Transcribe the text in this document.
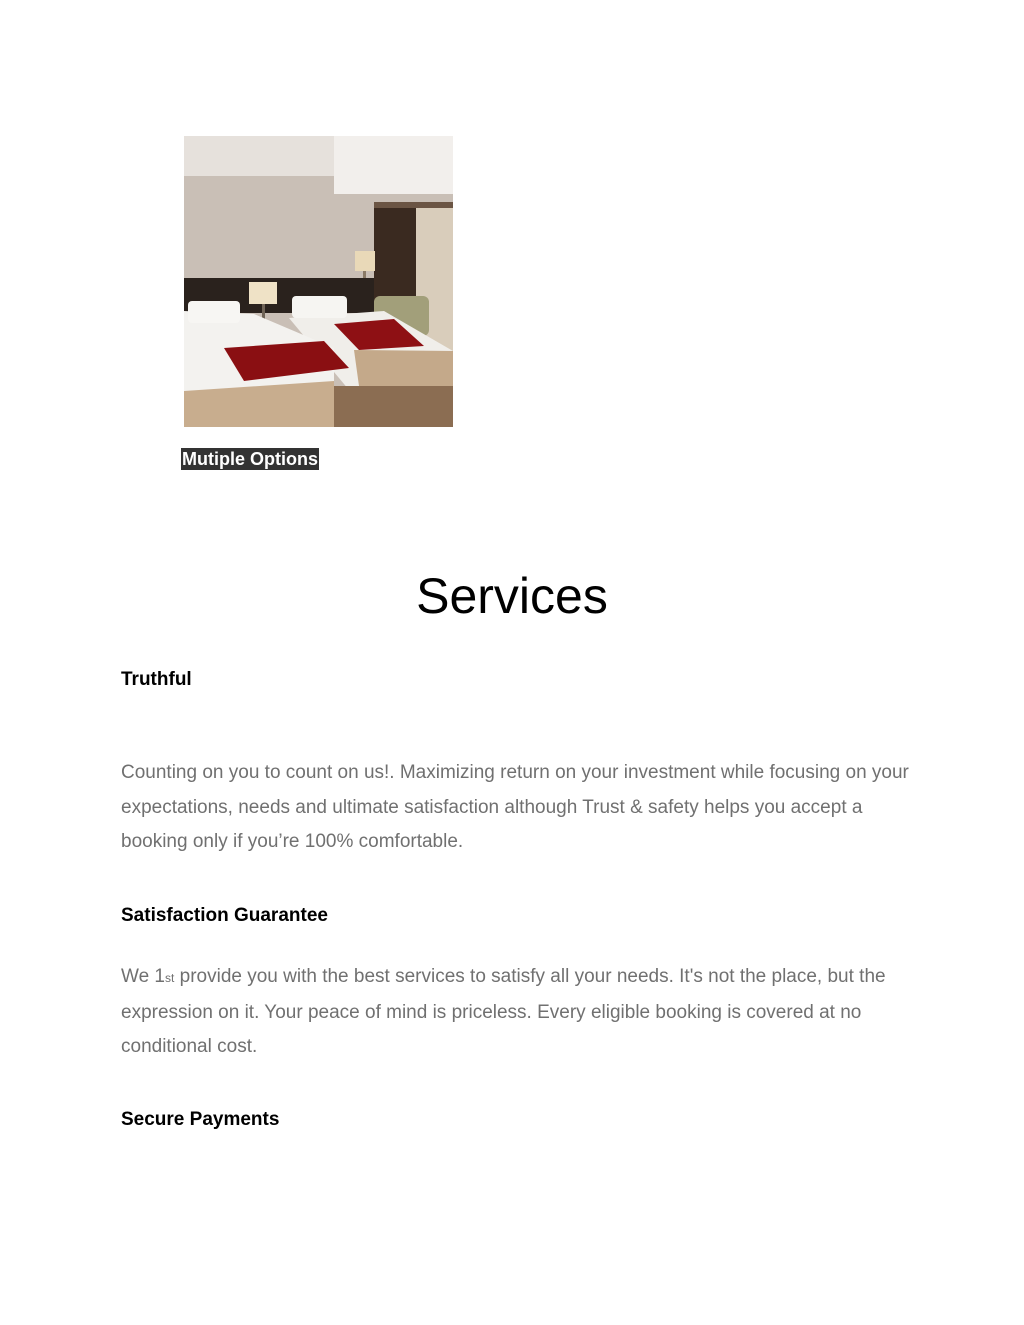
Mutiple Options
Services
Truthful

Counting on you to count on us!. Maximizing return on your investment while focusing on your expectations, needs and ultimate satisfaction although Trust & safety helps you accept a booking only if you’re 100% comfortable.

Satisfaction Guarantee

We 1st provide you with the best services to satisfy all your needs. It's not the place, but the expression on it. Your peace of mind is priceless. Every eligible booking is covered at no conditional cost.

Secure Payments
